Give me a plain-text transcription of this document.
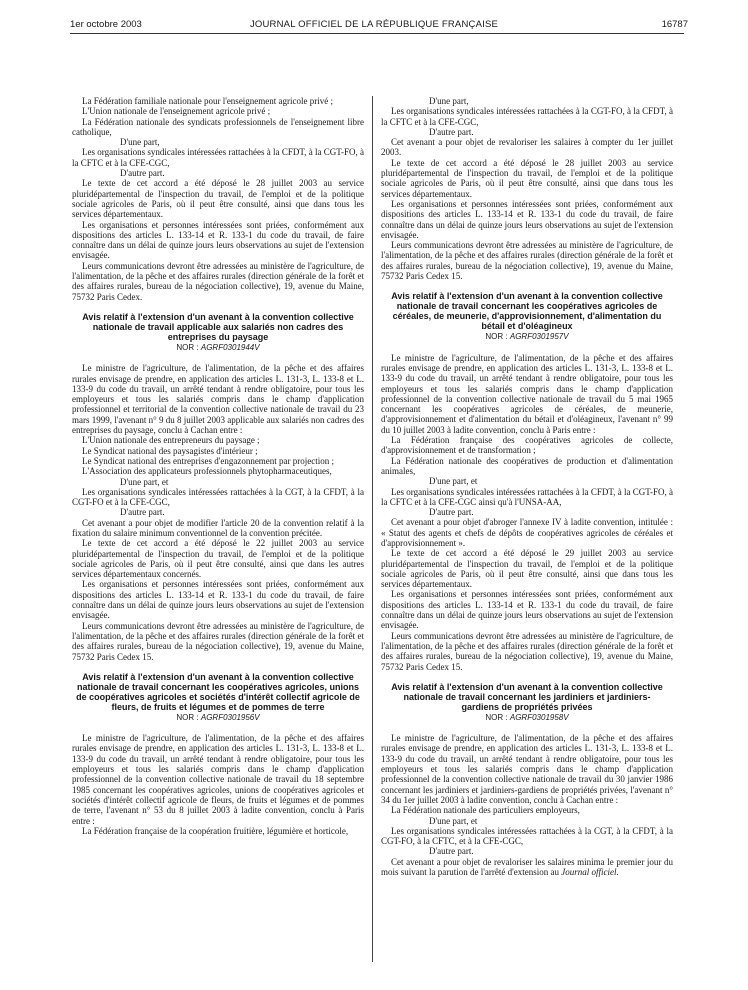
1er octobre 2003	JOURNAL OFFICIEL DE LA RÉPUBLIQUE FRANÇAISE	16787

La Fédération familiale nationale pour l'enseignement agricole privé ;

L'Union nationale de l'enseignement agricole privé ;

La Fédération nationale des syndicats professionnels de l'enseignement libre catholique,

D'une part,

Les organisations syndicales intéressées rattachées à la CFDT, à la CGT-FO, à la CFTC et à la CFE-CGC,

D'autre part.

Le texte de cet accord a été déposé le 28 juillet 2003 au service pluridépartemental de l'inspection du travail, de l'emploi et de la politique sociale agricoles de Paris, où il peut être consulté, ainsi que dans tous les services départementaux.

Les organisations et personnes intéressées sont priées, conformément aux dispositions des articles L. 133-14 et R. 133-1 du code du travail, de faire connaître dans un délai de quinze jours leurs observations au sujet de l'extension envisagée.

Leurs communications devront être adressées au ministère de l'agriculture, de l'alimentation, de la pêche et des affaires rurales (direction générale de la forêt et des affaires rurales, bureau de la négociation collective), 19, avenue du Maine, 75732 Paris Cedex.

Avis relatif à l'extension d'un avenant à la convention collective nationale de travail applicable aux salariés non cadres des entreprises du paysage
NOR : AGRF0301944V

Le ministre de l'agriculture, de l'alimentation, de la pêche et des affaires rurales envisage de prendre, en application des articles L. 131-3, L. 133-8 et L. 133-9 du code du travail, un arrêté tendant à rendre obligatoire, pour tous les employeurs et tous les salariés compris dans le champ d'application professionnel et territorial de la convention collective nationale de travail du 23 mars 1999, l'avenant n° 9 du 8 juillet 2003 applicable aux salariés non cadres des entreprises du paysage, conclu à Cachan entre :

L'Union nationale des entrepreneurs du paysage ;

Le Syndicat national des paysagistes d'intérieur ;

Le Syndicat national des entreprises d'engazonnement par projection ;

L'Association des applicateurs professionnels phytopharmaceutiques,

D'une part, et

Les organisations syndicales intéressées rattachées à la CGT, à la CFDT, à la CGT-FO et à la CFE-CGC,

D'autre part.

Cet avenant a pour objet de modifier l'article 20 de la convention relatif à la fixation du salaire minimum conventionnel de la convention précitée.

Le texte de cet accord a été déposé le 22 juillet 2003 au service pluridépartemental de l'inspection du travail, de l'emploi et de la politique sociale agricoles de Paris, où il peut être consulté, ainsi que dans les autres services départementaux concernés.

Les organisations et personnes intéressées sont priées, conformément aux dispositions des articles L. 133-14 et R. 133-1 du code du travail, de faire connaître dans un délai de quinze jours leurs observations au sujet de l'extension envisagée.

Leurs communications devront être adressées au ministère de l'agriculture, de l'alimentation, de la pêche et des affaires rurales (direction générale de la forêt et des affaires rurales, bureau de la négociation collective), 19, avenue du Maine, 75732 Paris Cedex 15.

Avis relatif à l'extension d'un avenant à la convention collective nationale de travail concernant les coopératives agricoles, unions de coopératives agricoles et sociétés d'intérêt collectif agricole de fleurs, de fruits et légumes et de pommes de terre
NOR : AGRF0301956V

Le ministre de l'agriculture, de l'alimentation, de la pêche et des affaires rurales envisage de prendre, en application des articles L. 131-3, L. 133-8 et L. 133-9 du code du travail, un arrêté tendant à rendre obligatoire, pour tous les employeurs et tous les salariés compris dans le champ d'application professionnel de la convention collective nationale de travail du 18 septembre 1985 concernant les coopératives agricoles, unions de coopératives agricoles et sociétés d'intérêt collectif agricole de fleurs, de fruits et légumes et de pommes de terre, l'avenant n° 53 du 8 juillet 2003 à ladite convention, conclu à Paris entre :

La Fédération française de la coopération fruitière, légumière et horticole,

D'une part,

Les organisations syndicales intéressées rattachées à la CGT-FO, à la CFDT, à la CFTC et à la CFE-CGC,

D'autre part.

Cet avenant a pour objet de revaloriser les salaires à compter du 1er juillet 2003.

Le texte de cet accord a été déposé le 28 juillet 2003 au service pluridépartemental de l'inspection du travail, de l'emploi et de la politique sociale agricoles de Paris, où il peut être consulté, ainsi que dans tous les services départementaux.

Les organisations et personnes intéressées sont priées, conformément aux dispositions des articles L. 133-14 et R. 133-1 du code du travail, de faire connaître dans un délai de quinze jours leurs observations au sujet de l'extension envisagée.

Leurs communications devront être adressées au ministère de l'agriculture, de l'alimentation, de la pêche et des affaires rurales (direction générale de la forêt et des affaires rurales, bureau de la négociation collective), 19, avenue du Maine, 75732 Paris Cedex 15.

Avis relatif à l'extension d'un avenant à la convention collective nationale de travail concernant les coopératives agricoles de céréales, de meunerie, d'approvisionnement, d'alimentation du bétail et d'oléagineux
NOR : AGRF0301957V

Le ministre de l'agriculture, de l'alimentation, de la pêche et des affaires rurales envisage de prendre, en application des articles L. 131-3, L. 133-8 et L. 133-9 du code du travail, un arrêté tendant à rendre obligatoire, pour tous les employeurs et tous les salariés compris dans le champ d'application professionnel de la convention collective nationale de travail du 5 mai 1965 concernant les coopératives agricoles de céréales, de meunerie, d'approvisionnement et d'alimentation du bétail et d'oléagineux, l'avenant n° 99 du 10 juillet 2003 à ladite convention, conclu à Paris entre :

La Fédération française des coopératives agricoles de collecte, d'approvisionnement et de transformation ;

La Fédération nationale des coopératives de production et d'alimentation animales,

D'une part, et

Les organisations syndicales intéressées rattachées à la CFDT, à la CGT-FO, à la CFTC et à la CFE-CGC ainsi qu'à l'UNSA-AA,

D'autre part.

Cet avenant a pour objet d'abroger l'annexe IV à ladite convention, intitulée : « Statut des agents et chefs de dépôts de coopératives agricoles de céréales et d'approvisionnement ».

Le texte de cet accord a été déposé le 29 juillet 2003 au service pluridépartemental de l'inspection du travail, de l'emploi et de la politique sociale agricoles de Paris, où il peut être consulté, ainsi que dans tous les services départementaux.

Les organisations et personnes intéressées sont priées, conformément aux dispositions des articles L. 133-14 et R. 133-1 du code du travail, de faire connaître dans un délai de quinze jours leurs observations au sujet de l'extension envisagée.

Leurs communications devront être adressées au ministère de l'agriculture, de l'alimentation, de la pêche et des affaires rurales (direction générale de la forêt et des affaires rurales, bureau de la négociation collective), 19, avenue du Maine, 75732 Paris Cedex 15.

Avis relatif à l'extension d'un avenant à la convention collective nationale de travail concernant les jardiniers et jardiniers-gardiens de propriétés privées
NOR : AGRF0301958V

Le ministre de l'agriculture, de l'alimentation, de la pêche et des affaires rurales envisage de prendre, en application des articles L. 131-3, L. 133-8 et L. 133-9 du code du travail, un arrêté tendant à rendre obligatoire, pour tous les employeurs et tous les salariés compris dans le champ d'application professionnel de la convention collective nationale de travail du 30 janvier 1986 concernant les jardiniers et jardiniers-gardiens de propriétés privées, l'avenant n° 34 du 1er juillet 2003 à ladite convention, conclu à Cachan entre :

La Fédération nationale des particuliers employeurs,

D'une part, et

Les organisations syndicales intéressées rattachées à la CGT, à la CFDT, à la CGT-FO, à la CFTC, et à la CFE-CGC,

D'autre part.

Cet avenant a pour objet de revaloriser les salaires minima le premier jour du mois suivant la parution de l'arrêté d'extension au Journal officiel.
